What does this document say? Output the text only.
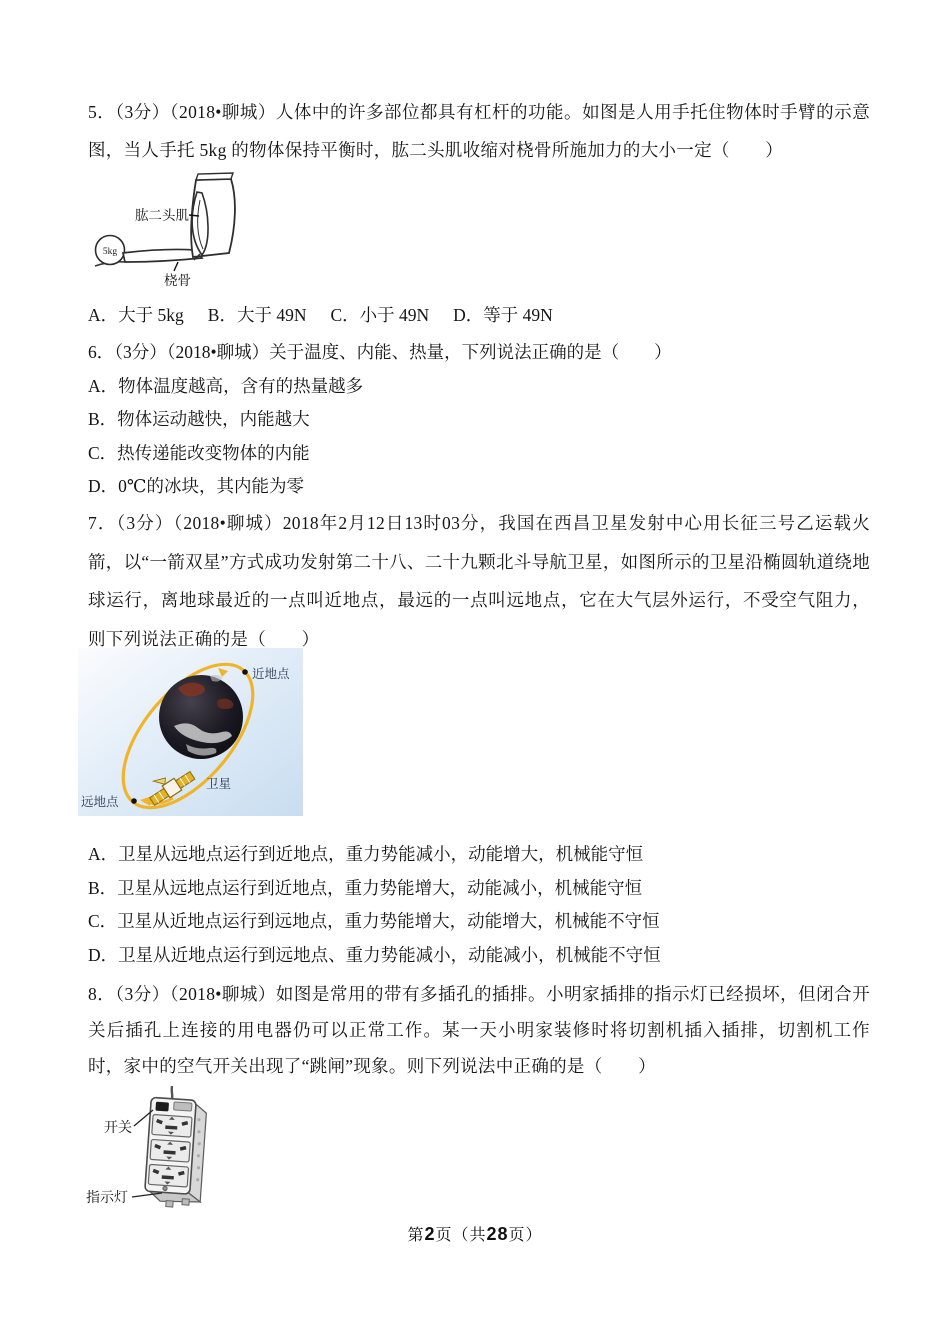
5．（3分）（2018•聊城）人体中的许多部位都具有杠杆的功能。如图是人用手托住物体时手臂的示意图，当人手托 5kg 的物体保持平衡时，肱二头肌收缩对桡骨所施加力的大小一定（　　）
5kg
肱二头肌
桡骨
A．大于 5kg B．大于 49N C．小于 49N D．等于 49N
6．（3分）（2018•聊城）关于温度、内能、热量，下列说法正确的是（　　）
A．物体温度越高，含有的热量越多
B．物体运动越快，内能越大
C．热传递能改变物体的内能
D．0℃的冰块，其内能为零
7．（3分）（2018•聊城）2018年2月12日13时03分，我国在西昌卫星发射中心用长征三号乙运载火箭，以“一箭双星”方式成功发射第二十八、二十九颗北斗导航卫星，如图所示的卫星沿椭圆轨道绕地球运行，离地球最近的一点叫近地点，最远的一点叫远地点，它在大气层外运行，不受空气阻力，则下列说法正确的是（　　）
近地点
远地点
卫星
A．卫星从远地点运行到近地点，重力势能减小，动能增大，机械能守恒
B．卫星从远地点运行到近地点，重力势能增大，动能减小，机械能守恒
C．卫星从近地点运行到远地点，重力势能增大，动能增大，机械能不守恒
D．卫星从近地点运行到远地点、重力势能减小，动能减小，机械能不守恒
8．（3分）（2018•聊城）如图是常用的带有多插孔的插排。小明家插排的指示灯已经损坏，但闭合开关后插孔上连接的用电器仍可以正常工作。某一天小明家装修时将切割机插入插排，切割机工作时，家中的空气开关出现了“跳闸”现象。则下列说法中正确的是（　　）
开关
指示灯
第2页（共28页）
